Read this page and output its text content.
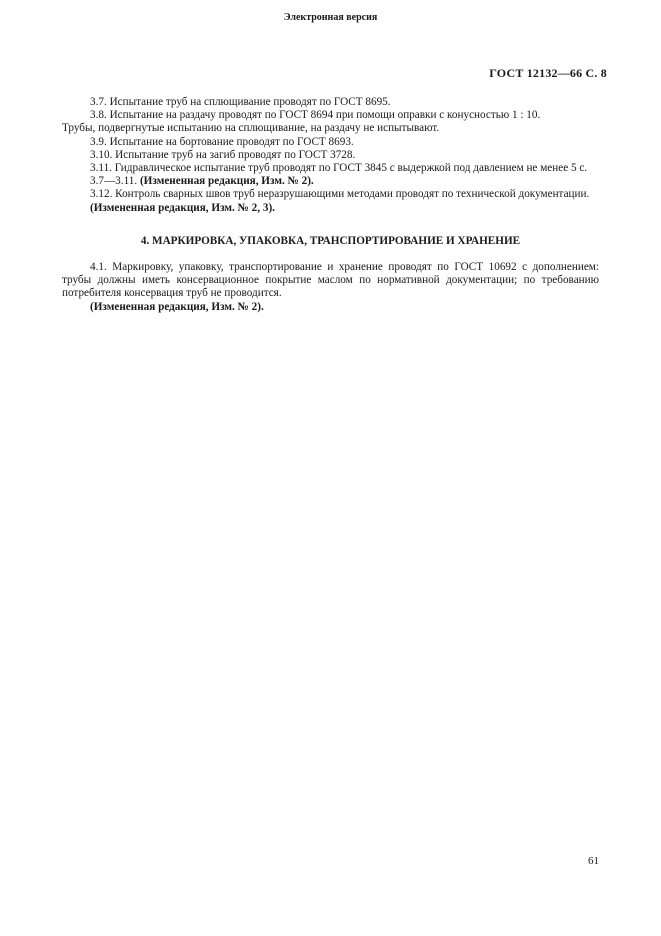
Электронная версия
ГОСТ 12132—66 С. 8

3.7. Испытание труб на сплющивание проводят по ГОСТ 8695.

3.8. Испытание на раздачу проводят по ГОСТ 8694 при помощи оправки с конусностью 1 : 10.

Трубы, подвергнутые испытанию на сплющивание, на раздачу не испытывают.

3.9. Испытание на бортование проводят по ГОСТ 8693.

3.10. Испытание труб на загиб проводят по ГОСТ 3728.

3.11. Гидравлическое испытание труб проводят по ГОСТ 3845 с выдержкой под давлением не менее 5 с.

3.7—3.11. (Измененная редакция, Изм. № 2).

3.12. Контроль сварных швов труб неразрушающими методами проводят по технической документации.

(Измененная редакция, Изм. № 2, 3).

4. МАРКИРОВКА, УПАКОВКА, ТРАНСПОРТИРОВАНИЕ И ХРАНЕНИЕ

4.1. Маркировку, упаковку, транспортирование и хранение проводят по ГОСТ 10692 с дополнением: трубы должны иметь консервационное покрытие маслом по нормативной документации; по требованию потребителя консервация труб не проводится.

(Измененная редакция, Изм. № 2).

61
